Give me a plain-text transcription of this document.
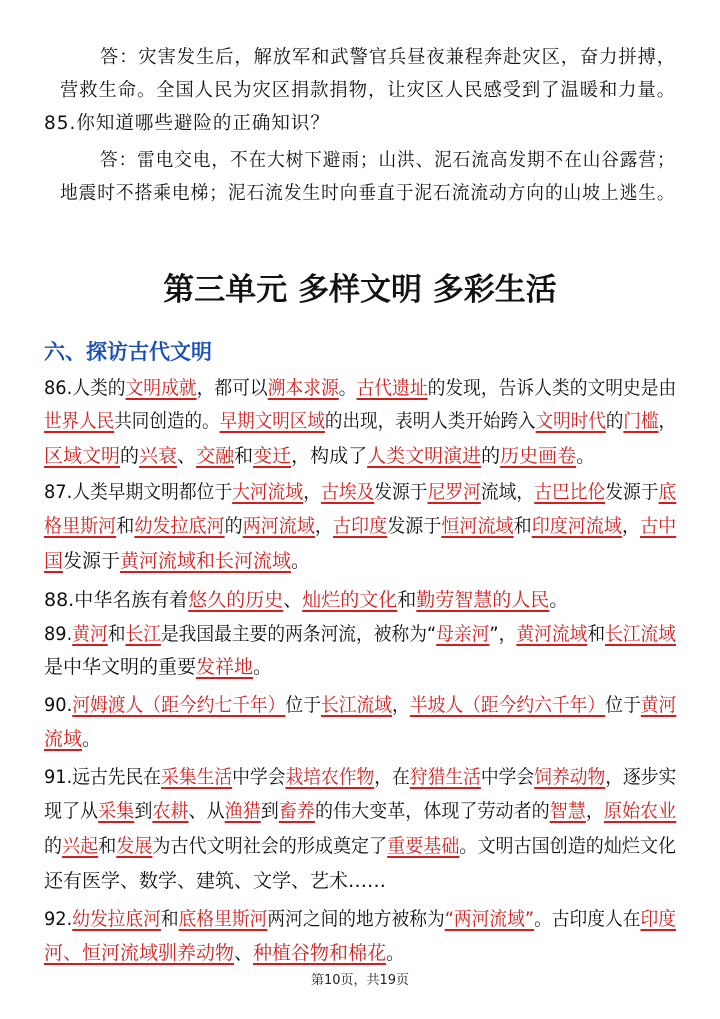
答：灾害发生后，解放军和武警官兵昼夜兼程奔赴灾区，奋力拼搏，
营救生命。全国人民为灾区捐款捐物，让灾区人民感受到了温暖和力量。
85.你知道哪些避险的正确知识？
答：雷电交电，不在大树下避雨；山洪、泥石流高发期不在山谷露营；
地震时不搭乘电梯；泥石流发生时向垂直于泥石流流动方向的山坡上逃生。
第三单元 多样文明 多彩生活
六、探访古代文明
86.人类的文明成就，都可以溯本求源。古代遗址的发现，告诉人类的文明史是由
世界人民共同创造的。早期文明区域的出现，表明人类开始跨入文明时代的门槛，
区域文明的兴衰、交融和变迁，构成了人类文明演进的历史画卷。
87.人类早期文明都位于大河流域，古埃及发源于尼罗河流域，古巴比伦发源于底
格里斯河和幼发拉底河的两河流域，古印度发源于恒河流域和印度河流域，古中
国发源于黄河流域和长河流域。
88.中华名族有着悠久的历史、灿烂的文化和勤劳智慧的人民。
89.黄河和长江是我国最主要的两条河流，被称为“母亲河”，黄河流域和长江流域
是中华文明的重要发祥地。
90.河姆渡人（距今约七千年）位于长江流域，半坡人（距今约六千年）位于黄河
流域。
91.远古先民在采集生活中学会栽培农作物，在狩猎生活中学会饲养动物，逐步实
现了从采集到农耕、从渔猎到畜养的伟大变革，体现了劳动者的智慧，原始农业
的兴起和发展为古代文明社会的形成奠定了重要基础。文明古国创造的灿烂文化
还有医学、数学、建筑、文学、艺术……
92.幼发拉底河和底格里斯河两河之间的地方被称为“两河流域”。古印度人在印度
河、恒河流域驯养动物、种植谷物和棉花。
第10页，共19页
